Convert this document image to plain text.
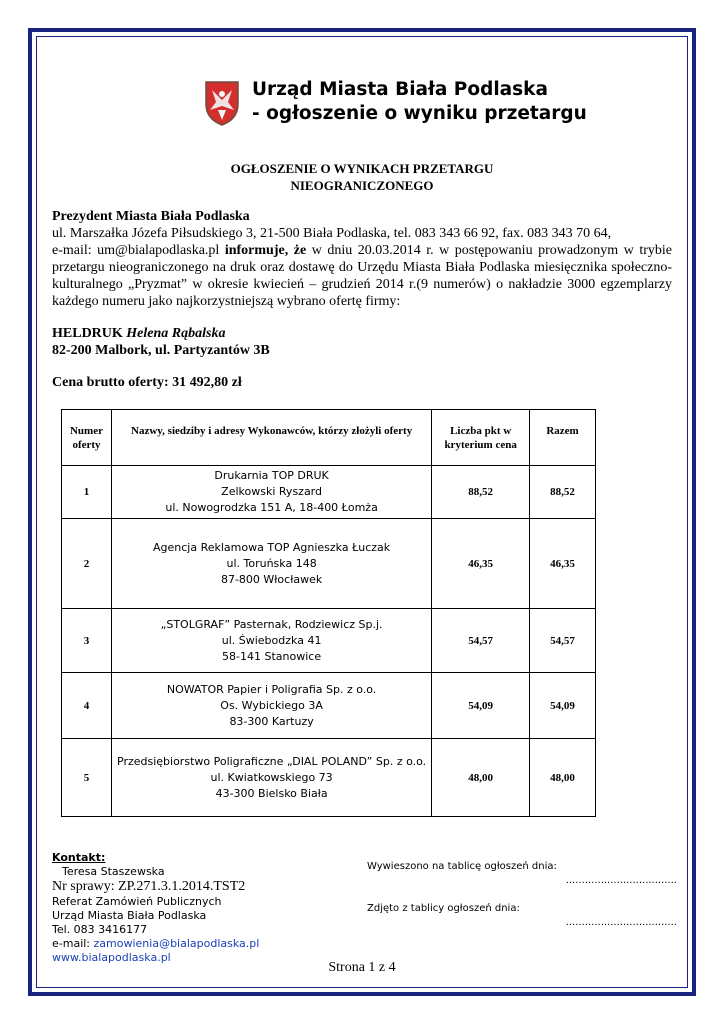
Urząd Miasta Biała Podlaska
- ogłoszenie o wyniku przetargu
OGŁOSZENIE O WYNIKACH PRZETARGU
NIEOGRANICZONEGO
Prezydent Miasta Biała Podlaska
ul. Marszałka Józefa Piłsudskiego 3, 21-500 Biała Podlaska, tel. 083 343 66 92, fax. 083 343 70 64,

e-mail: um@bialapodlaska.pl informuje, że w dniu 20.03.2014 r. w postępowaniu prowadzonym w trybie przetargu nieograniczonego na druk oraz dostawę do Urzędu Miasta Biała Podlaska miesięcznika społeczno-kulturalnego „Pryzmat” w okresie kwiecień – grudzień 2014 r.(9 numerów) o nakładzie 3000 egzemplarzy każdego numeru jako najkorzystniejszą wybrano ofertę firmy:

HELDRUK Helena Rąbalska
82-200 Malbork, ul. Partyzantów 3B
Cena brutto oferty: 31 492,80 zł
Numer oferty	Nazwy, siedziby i adresy Wykonawców, którzy złożyli oferty	Liczba pkt w kryterium cena	Razem
1	Drukarnia TOP DRUK
Zelkowski Ryszard
ul. Nowogrodzka 151 A, 18-400 Łomża	88,52	88,52
2	Agencja Reklamowa TOP Agnieszka Łuczak
ul. Toruńska 148
87-800 Włocławek	46,35	46,35
3	„STOLGRAF” Pasternak, Rodziewicz Sp.j.
ul. Świebodzka 41
58-141 Stanowice	54,57	54,57
4	NOWATOR Papier i Poligrafia Sp. z o.o.
Os. Wybickiego 3A
83-300 Kartuzy	54,09	54,09
5	Przedsiębiorstwo Poligraficzne „DIAL POLAND” Sp. z o.o.
ul. Kwiatkowskiego 73
43-300 Bielsko Biała	48,00	48,00
Kontakt:
Teresa Staszewska
Nr sprawy: ZP.271.3.1.2014.TST2
Referat Zamówień Publicznych
Urząd Miasta Biała Podlaska
Tel. 083 3416177
e-mail: zamowienia@bialapodlaska.pl
www.bialapodlaska.pl
Wywieszono na tablicę ogłoszeń dnia:
...................................
Zdjęto z tablicy ogłoszeń dnia:
...................................
Strona 1 z 4
